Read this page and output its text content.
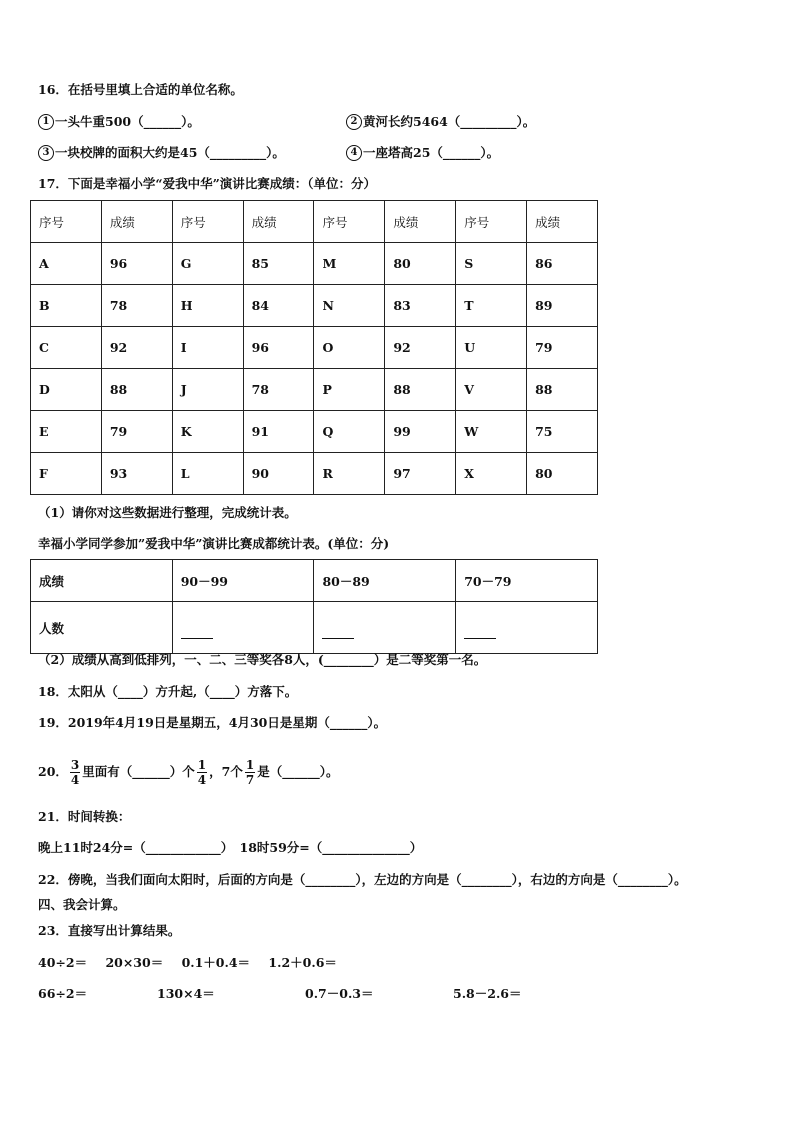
16．在括号里填上合适的单位名称。
1 一头牛重500（______）。	2 黄河长约5464（_________）。
3 一块校牌的面积大约是45（_________）。	4 一座塔高25（______）。
17．下面是幸福小学“爱我中华”演讲比赛成绩：（单位：分）
序号	成绩	序号	成绩	序号	成绩	序号	成绩
A	96	G	85	M	80	S	86
B	78	H	84	N	83	T	89
C	92	I	96	O	92	U	79
D	88	J	78	P	88	V	88
E	79	K	91	Q	99	W	75
F	93	L	90	R	97	X	80
（1）请你对这些数据进行整理，完成统计表。
幸福小学同学参加”爱我中华”演讲比赛成都统计表。(单位：分)
成绩	90－99	80－89	70－79
人数			
（2）成绩从高到低排列，一、二、三等奖各8人，(________）是二等奖第一名。
18．太阳从（____）方升起,（____）方落下。
19．2019年4月19日是星期五，4月30日是星期（______）。
20． $\frac{3}{4}$ 里面有（______）个 $\frac{1}{4}$ ，7个 $\frac{1}{7}$ 是（______）。
21．时间转换：
晚上11时24分=（____________）　18时59分=（______________）
22．傍晚，当我们面向太阳时，后面的方向是（________），左边的方向是（________），右边的方向是（________）。
四、我会计算。
23．直接写出计算结果。
40÷2＝ 20×30＝ 0.1＋0.4＝ 1.2＋0.6＝
66÷2＝	130×4＝	0.7－0.3＝	5.8－2.6＝
